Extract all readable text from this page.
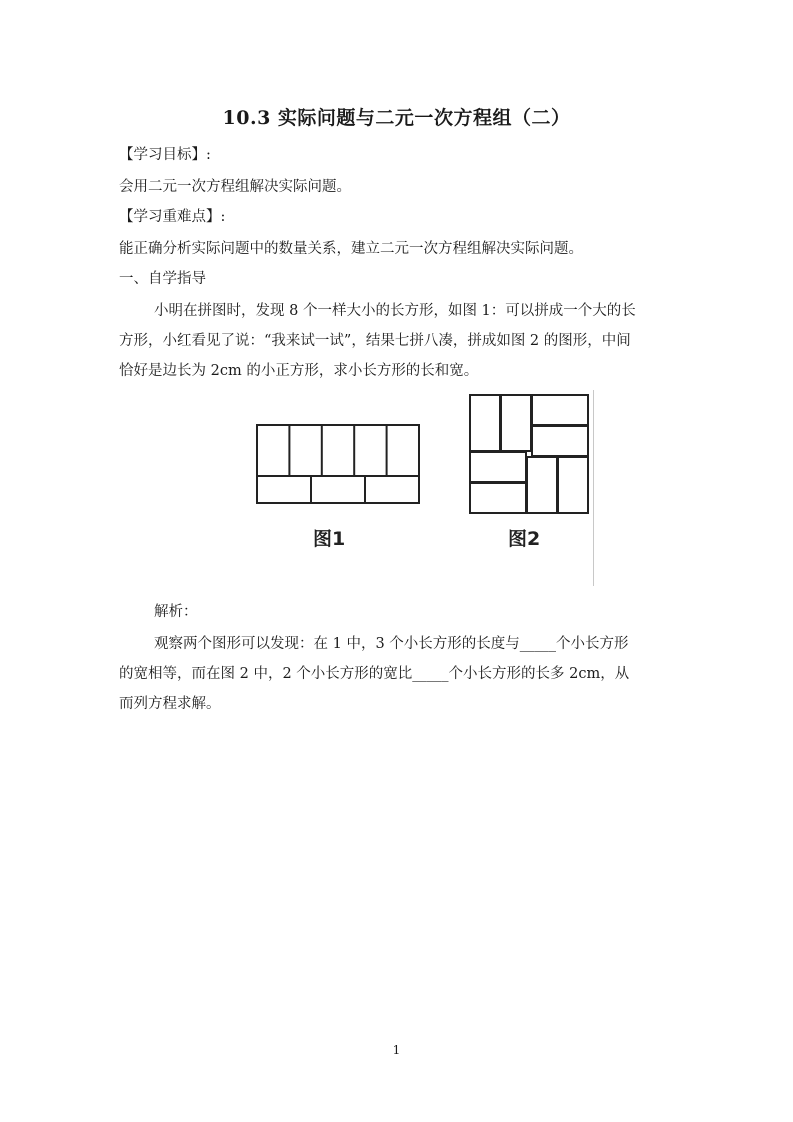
10.3 实际问题与二元一次方程组（二）
【学习目标】:
会用二元一次方程组解决实际问题。
【学习重难点】:
能正确分析实际问题中的数量关系，建立二元一次方程组解决实际问题。
一、自学指导
小明在拼图时，发现 8 个一样大小的长方形，如图 1：可以拼成一个大的长
方形，小红看见了说：“我来试一试”，结果七拼八凑，拼成如图 2 的图形，中间
恰好是边长为 2cm 的小正方形，求小长方形的长和宽。
图1	图2
解析：
观察两个图形可以发现：在 1 中，3 个小长方形的长度与_____个小长方形
的宽相等，而在图 2 中，2 个小长方形的宽比_____个小长方形的长多 2cm，从
而列方程求解。
1
